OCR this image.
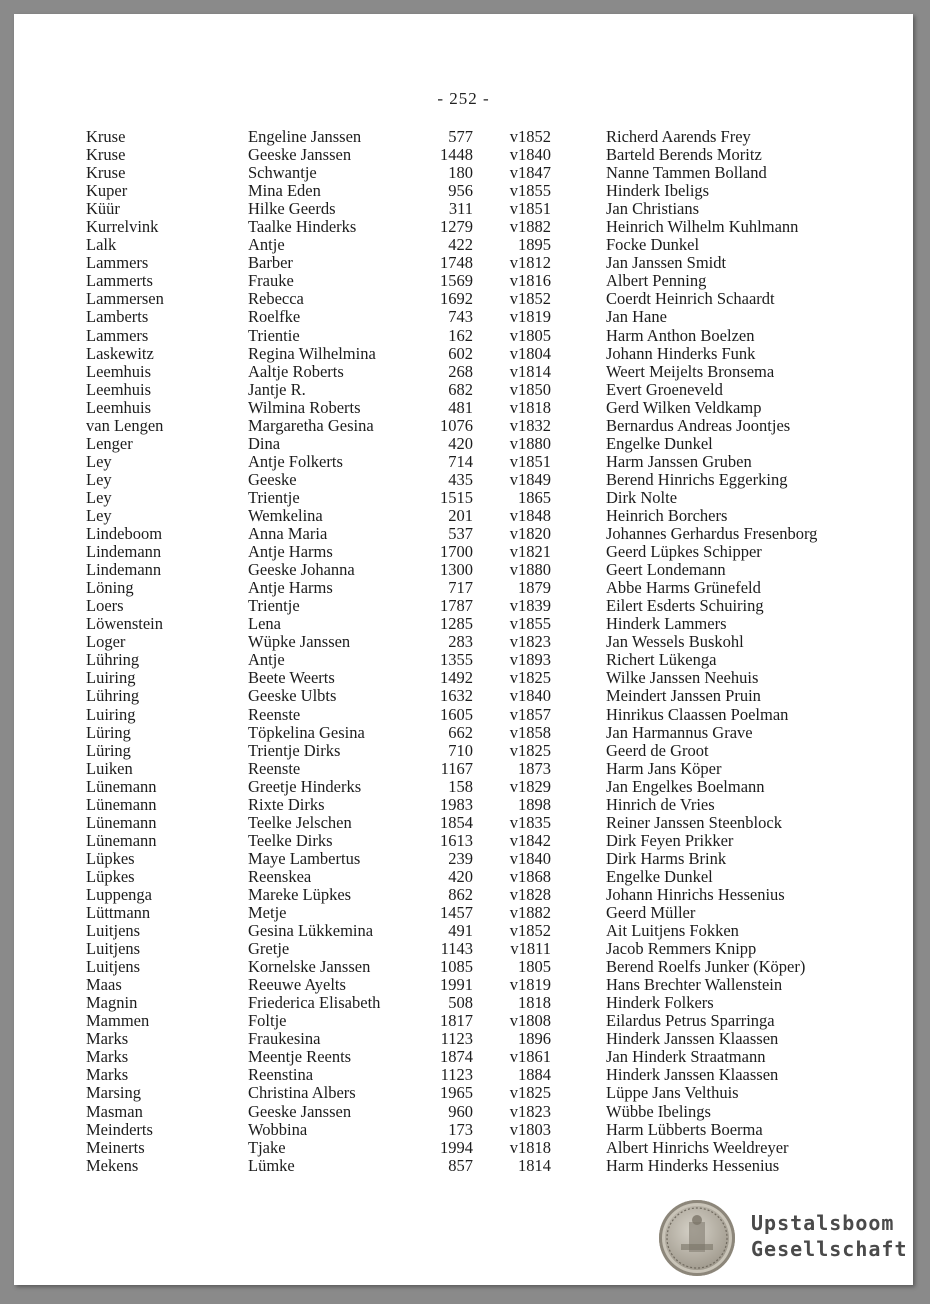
- 252 -
Kruse	Engeline Janssen	577 v1852	Richerd Aarends Frey
Kruse	Geeske Janssen	1448 v1840	Barteld Berends Moritz
Kruse	Schwantje	180 v1847	Nanne Tammen Bolland
Kuper	Mina Eden	956 v1855	Hinderk Ibeligs
Küür	Hilke Geerds	311 v1851	Jan Christians
Kurrelvink	Taalke Hinderks	1279 v1882	Heinrich Wilhelm Kuhlmann
Lalk	Antje	422	1895	Focke Dunkel
Lammers	Barber	1748 v1812	Jan Janssen Smidt
Lammerts	Frauke	1569 v1816	Albert Penning
Lammersen	Rebecca	1692 v1852	Coerdt Heinrich Schaardt
Lamberts	Roelfke	743 v1819	Jan Hane
Lammers	Trientie	162 v1805	Harm Anthon Boelzen
Laskewitz	Regina Wilhelmina	602 v1804	Johann Hinderks Funk
Leemhuis	Aaltje Roberts	268 v1814	Weert Meijelts Bronsema
Leemhuis	Jantje R.	682 v1850	Evert Groeneveld
Leemhuis	Wilmina Roberts	481 v1818	Gerd Wilken Veldkamp
van Lengen	Margaretha Gesina	1076 v1832	Bernardus Andreas Joontjes
Lenger	Dina	420 v1880	Engelke Dunkel
Ley	Antje Folkerts	714 v1851	Harm Janssen Gruben
Ley	Geeske	435 v1849	Berend Hinrichs Eggerking
Ley	Trientje	1515	1865	Dirk Nolte
Ley	Wemkelina	201 v1848	Heinrich Borchers
Lindeboom	Anna Maria	537 v1820	Johannes Gerhardus Fresenborg
Lindemann	Antje Harms	1700 v1821	Geerd Lüpkes Schipper
Lindemann	Geeske Johanna	1300 v1880	Geert Londemann
Löning	Antje Harms	717	1879	Abbe Harms Grünefeld
Loers	Trientje	1787 v1839	Eilert Esderts Schuiring
Löwenstein	Lena	1285 v1855	Hinderk Lammers
Loger	Wüpke Janssen	283 v1823	Jan Wessels Buskohl
Lühring	Antje	1355 v1893	Richert Lükenga
Luiring	Beete Weerts	1492 v1825	Wilke Janssen Neehuis
Lühring	Geeske Ulbts	1632 v1840	Meindert Janssen Pruin
Luiring	Reenste	1605 v1857	Hinrikus Claassen Poelman
Lüring	Töpkelina Gesina	662 v1858	Jan Harmannus Grave
Lüring	Trientje Dirks	710 v1825	Geerd de Groot
Luiken	Reenste	1167	1873	Harm Jans Köper
Lünemann	Greetje Hinderks	158 v1829	Jan Engelkes Boelmann
Lünemann	Rixte Dirks	1983	1898	Hinrich de Vries
Lünemann	Teelke Jelschen	1854 v1835	Reiner Janssen Steenblock
Lünemann	Teelke Dirks	1613 v1842	Dirk Feyen Prikker
Lüpkes	Maye Lambertus	239 v1840	Dirk Harms Brink
Lüpkes	Reenskea	420 v1868	Engelke Dunkel
Luppenga	Mareke Lüpkes	862 v1828	Johann Hinrichs Hessenius
Lüttmann	Metje	1457 v1882	Geerd Müller
Luitjens	Gesina Lükkemina	491 v1852	Ait Luitjens Fokken
Luitjens	Gretje	1143 v1811	Jacob Remmers Knipp
Luitjens	Kornelske Janssen	1085	1805	Berend Roelfs Junker (Köper)
Maas	Reeuwe Ayelts	1991 v1819	Hans Brechter Wallenstein
Magnin	Friederica Elisabeth	508	1818	Hinderk Folkers
Mammen	Foltje	1817 v1808	Eilardus Petrus Sparringa
Marks	Fraukesina	1123	1896	Hinderk Janssen Klaassen
Marks	Meentje Reents	1874 v1861	Jan Hinderk Straatmann
Marks	Reenstina	1123	1884	Hinderk Janssen Klaassen
Marsing	Christina Albers	1965 v1825	Lüppe Jans Velthuis
Masman	Geeske Janssen	960 v1823	Wübbe Ibelings
Meinderts	Wobbina	173 v1803	Harm Lübberts Boerma
Meinerts	Tjake	1994 v1818	Albert Hinrichs Weeldreyer
Mekens	Lümke	857	1814	Harm Hinderks Hessenius
Upstalsboom
Gesellschaft
